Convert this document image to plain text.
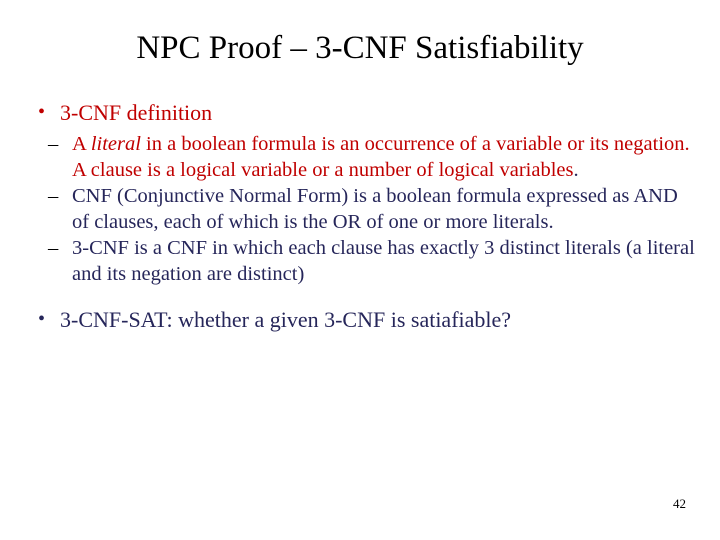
NPC Proof – 3-CNF Satisfiability
• 3-CNF definition
– A literal in a boolean formula is an occurrence of a variable or its negation. A clause is a logical variable or a number of logical variables.
– CNF (Conjunctive Normal Form) is a boolean formula expressed as AND of clauses, each of which is the OR of one or more literals.
– 3-CNF is a CNF in which each clause has exactly 3 distinct literals (a literal and its negation are distinct)
• 3-CNF-SAT: whether a given 3-CNF is satiafiable?
42
